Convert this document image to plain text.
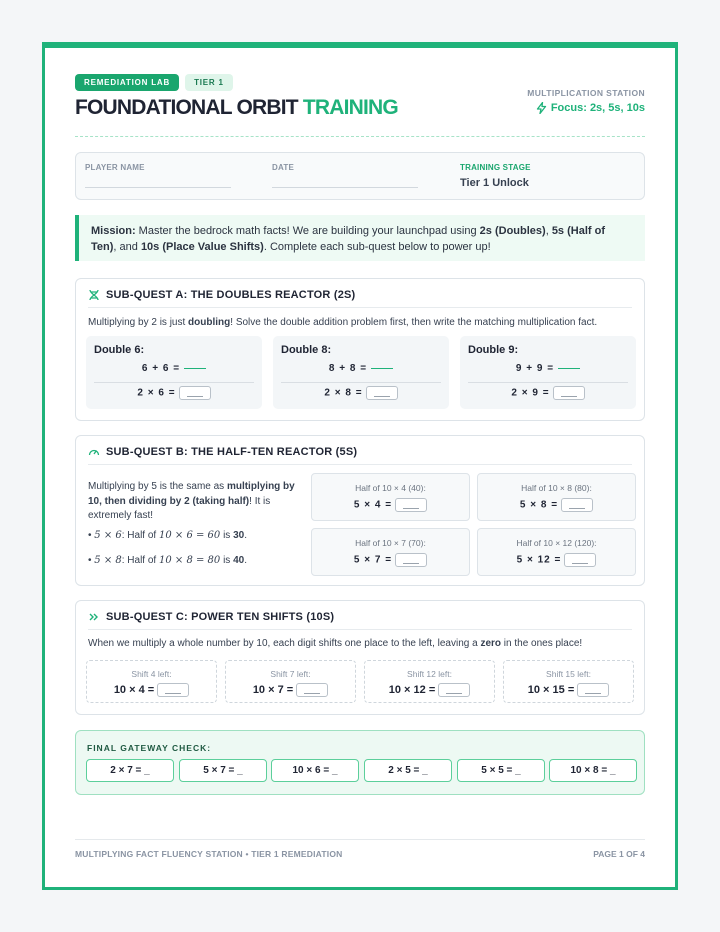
REMEDIATION LAB	TIER 1
FOUNDATIONAL ORBIT TRAINING
MULTIPLICATION STATION
Focus: 2s, 5s, 10s
PLAYER NAME	DATE	TRAINING STAGE
Tier 1 Unlock
Mission: Master the bedrock math facts! We are building your launchpad using 2s (Doubles), 5s (Half of Ten), and 10s (Place Value Shifts). Complete each sub-quest below to power up!
SUB-QUEST A: THE DOUBLES REACTOR (2S)
Multiplying by 2 is just doubling! Solve the double addition problem first, then write the matching multiplication fact.
Double 6:
6 + 6 =
2 × 6 =
Double 8:
8 + 8 =
2 × 8 =
Double 9:
9 + 9 =
2 × 9 =
SUB-QUEST B: THE HALF-TEN REACTOR (5S)
Multiplying by 5 is the same as multiplying by 10, then dividing by 2 (taking half)! It is extremely fast!
• 5 × 6: Half of 10 × 6 = 60 is 30.
• 5 × 8: Half of 10 × 8 = 80 is 40.
Half of 10 × 4 (40):
5 × 4 =
Half of 10 × 8 (80):
5 × 8 =
Half of 10 × 7 (70):
5 × 7 =
Half of 10 × 12 (120):
5 × 12 =
SUB-QUEST C: POWER TEN SHIFTS (10S)
When we multiply a whole number by 10, each digit shifts one place to the left, leaving a zero in the ones place!
Shift 4 left:
10 × 4 =
Shift 7 left:
10 × 7 =
Shift 12 left:
10 × 12 =
Shift 15 left:
10 × 15 =
FINAL GATEWAY CHECK:
2 × 7 = _	5 × 7 = _	10 × 6 = _	2 × 5 = _	5 × 5 = _	10 × 8 = _
MULTIPLYING FACT FLUENCY STATION • TIER 1 REMEDIATION	PAGE 1 OF 4
